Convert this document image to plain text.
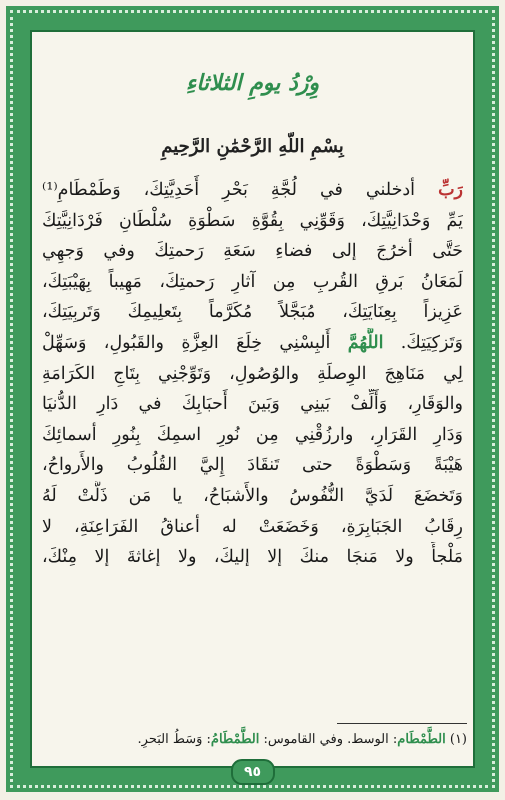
وِرْدُ يومِ الثلاثاءِ
بِسْمِ اللّهِ الرَّحْمَٰنِ الرَّحِيمِ
رَبِّ أدخلني في لُجَّةِ بَحْرِ أَحَدِيَّتِكَ، وَطَمْطَامِ⁽¹⁾
يَمِّ وَحْدَانِيَّتِكَ، وَقَوِّنِي بِقُوَّةِ سَطْوَةِ سُلْطَانِ فَرْدَانِيَّتِكَ
حَتَّى أخرُجَ إلى فضاءِ سَعَةِ رَحمتِكَ وفي وَجهِي
لَمَعَانُ بَرقِ القُربِ مِن آثارِ رَحمتِكَ، مَهِيباً بِهَيْبَتِكَ،
عَزِيزاً بِعِنَايَتِكَ، مُبَجَّلاً مُكَرَّماً بِتَعلِيمِكَ وَتَربِيَتِكَ،
وَتَزكِيَتِكَ. اللَّهُمَّ أَلبِسْنِي خِلَعَ العِزَّةِ والقَبُولِ، وَسَهِّلْ
لِي مَنَاهِجَ الوِصلَةِ والوُصُولِ، وَتَوِّجْنِي بِتَاجِ الكَرَامَةِ
والوَقَارِ، وَأَلِّفْ بَينِي وَبَينَ أَحبَابِكَ في دَارِ الدُّنيَا
وَدَارِ القَرَارِ، وارزُقْنِي مِن نُورِ اسمِكَ بِنُورِ أسمائِكَ
هَيْبَةً وَسَطْوَةً حتى تَنقَادَ إِليَّ القُلُوبُ والأَرواحُ،
وَتَخضَعَ لَدَيَّ النُّفُوسُ والأَشبَاحُ، يا مَن ذَلَّتْ لَهُ
رِقَابُ الجَبَابِرَةِ، وَخَضَعَتْ له أعناقُ الفَرَاعِنَةِ، لا
مَلْجأَ ولا مَنجَا منكَ إلا إليكَ، ولا إغاثةَ إلا مِنْكَ،
(١) الطَّمْطَام: الوسط. وفي القاموس: الطَّمْطَامُ: وَسَطُ البَحرِ.
٩٥
